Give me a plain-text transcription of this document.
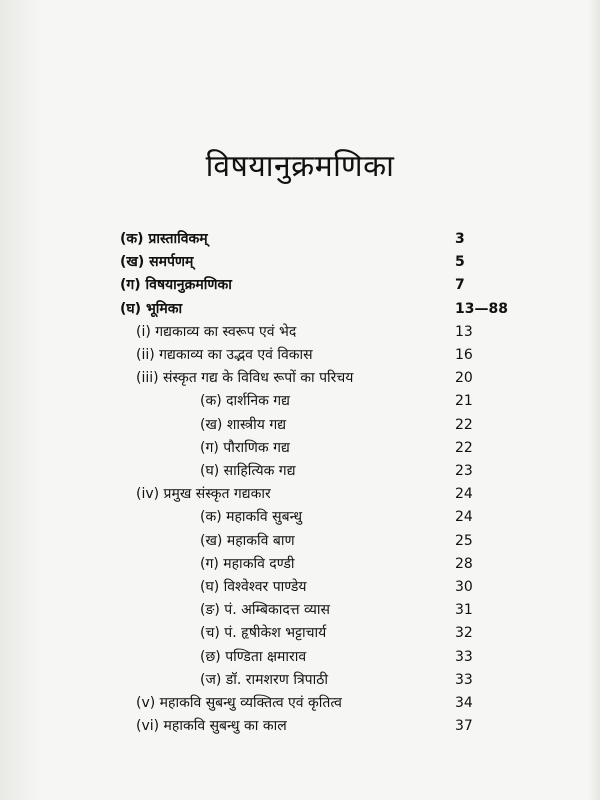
विषयानुक्रमणिका
(क) प्रास्ताविकम्	3
(ख) समर्पणम्	5
(ग) विषयानुक्रमणिका	7
(घ) भूमिका	13—88
(i) गद्यकाव्य का स्वरूप एवं भेद	13
(ii) गद्यकाव्य का उद्भव एवं विकास	16
(iii) संस्कृत गद्य के विविध रूपों का परिचय	20
(क) दार्शनिक गद्य	21
(ख) शास्त्रीय गद्य	22
(ग) पौराणिक गद्य	22
(घ) साहित्यिक गद्य	23
(iv) प्रमुख संस्कृत गद्यकार	24
(क) महाकवि सुबन्धु	24
(ख) महाकवि बाण	25
(ग) महाकवि दण्डी	28
(घ) विश्वेश्वर पाण्डेय	30
(ङ) पं. अम्बिकादत्त व्यास	31
(च) पं. हृषीकेश भट्टाचार्य	32
(छ) पण्डिता क्षमाराव	33
(ज) डॉ. रामशरण त्रिपाठी	33
(v) महाकवि सुबन्धु व्यक्तित्व एवं कृतित्व	34
(vi) महाकवि सुबन्धु का काल	37
